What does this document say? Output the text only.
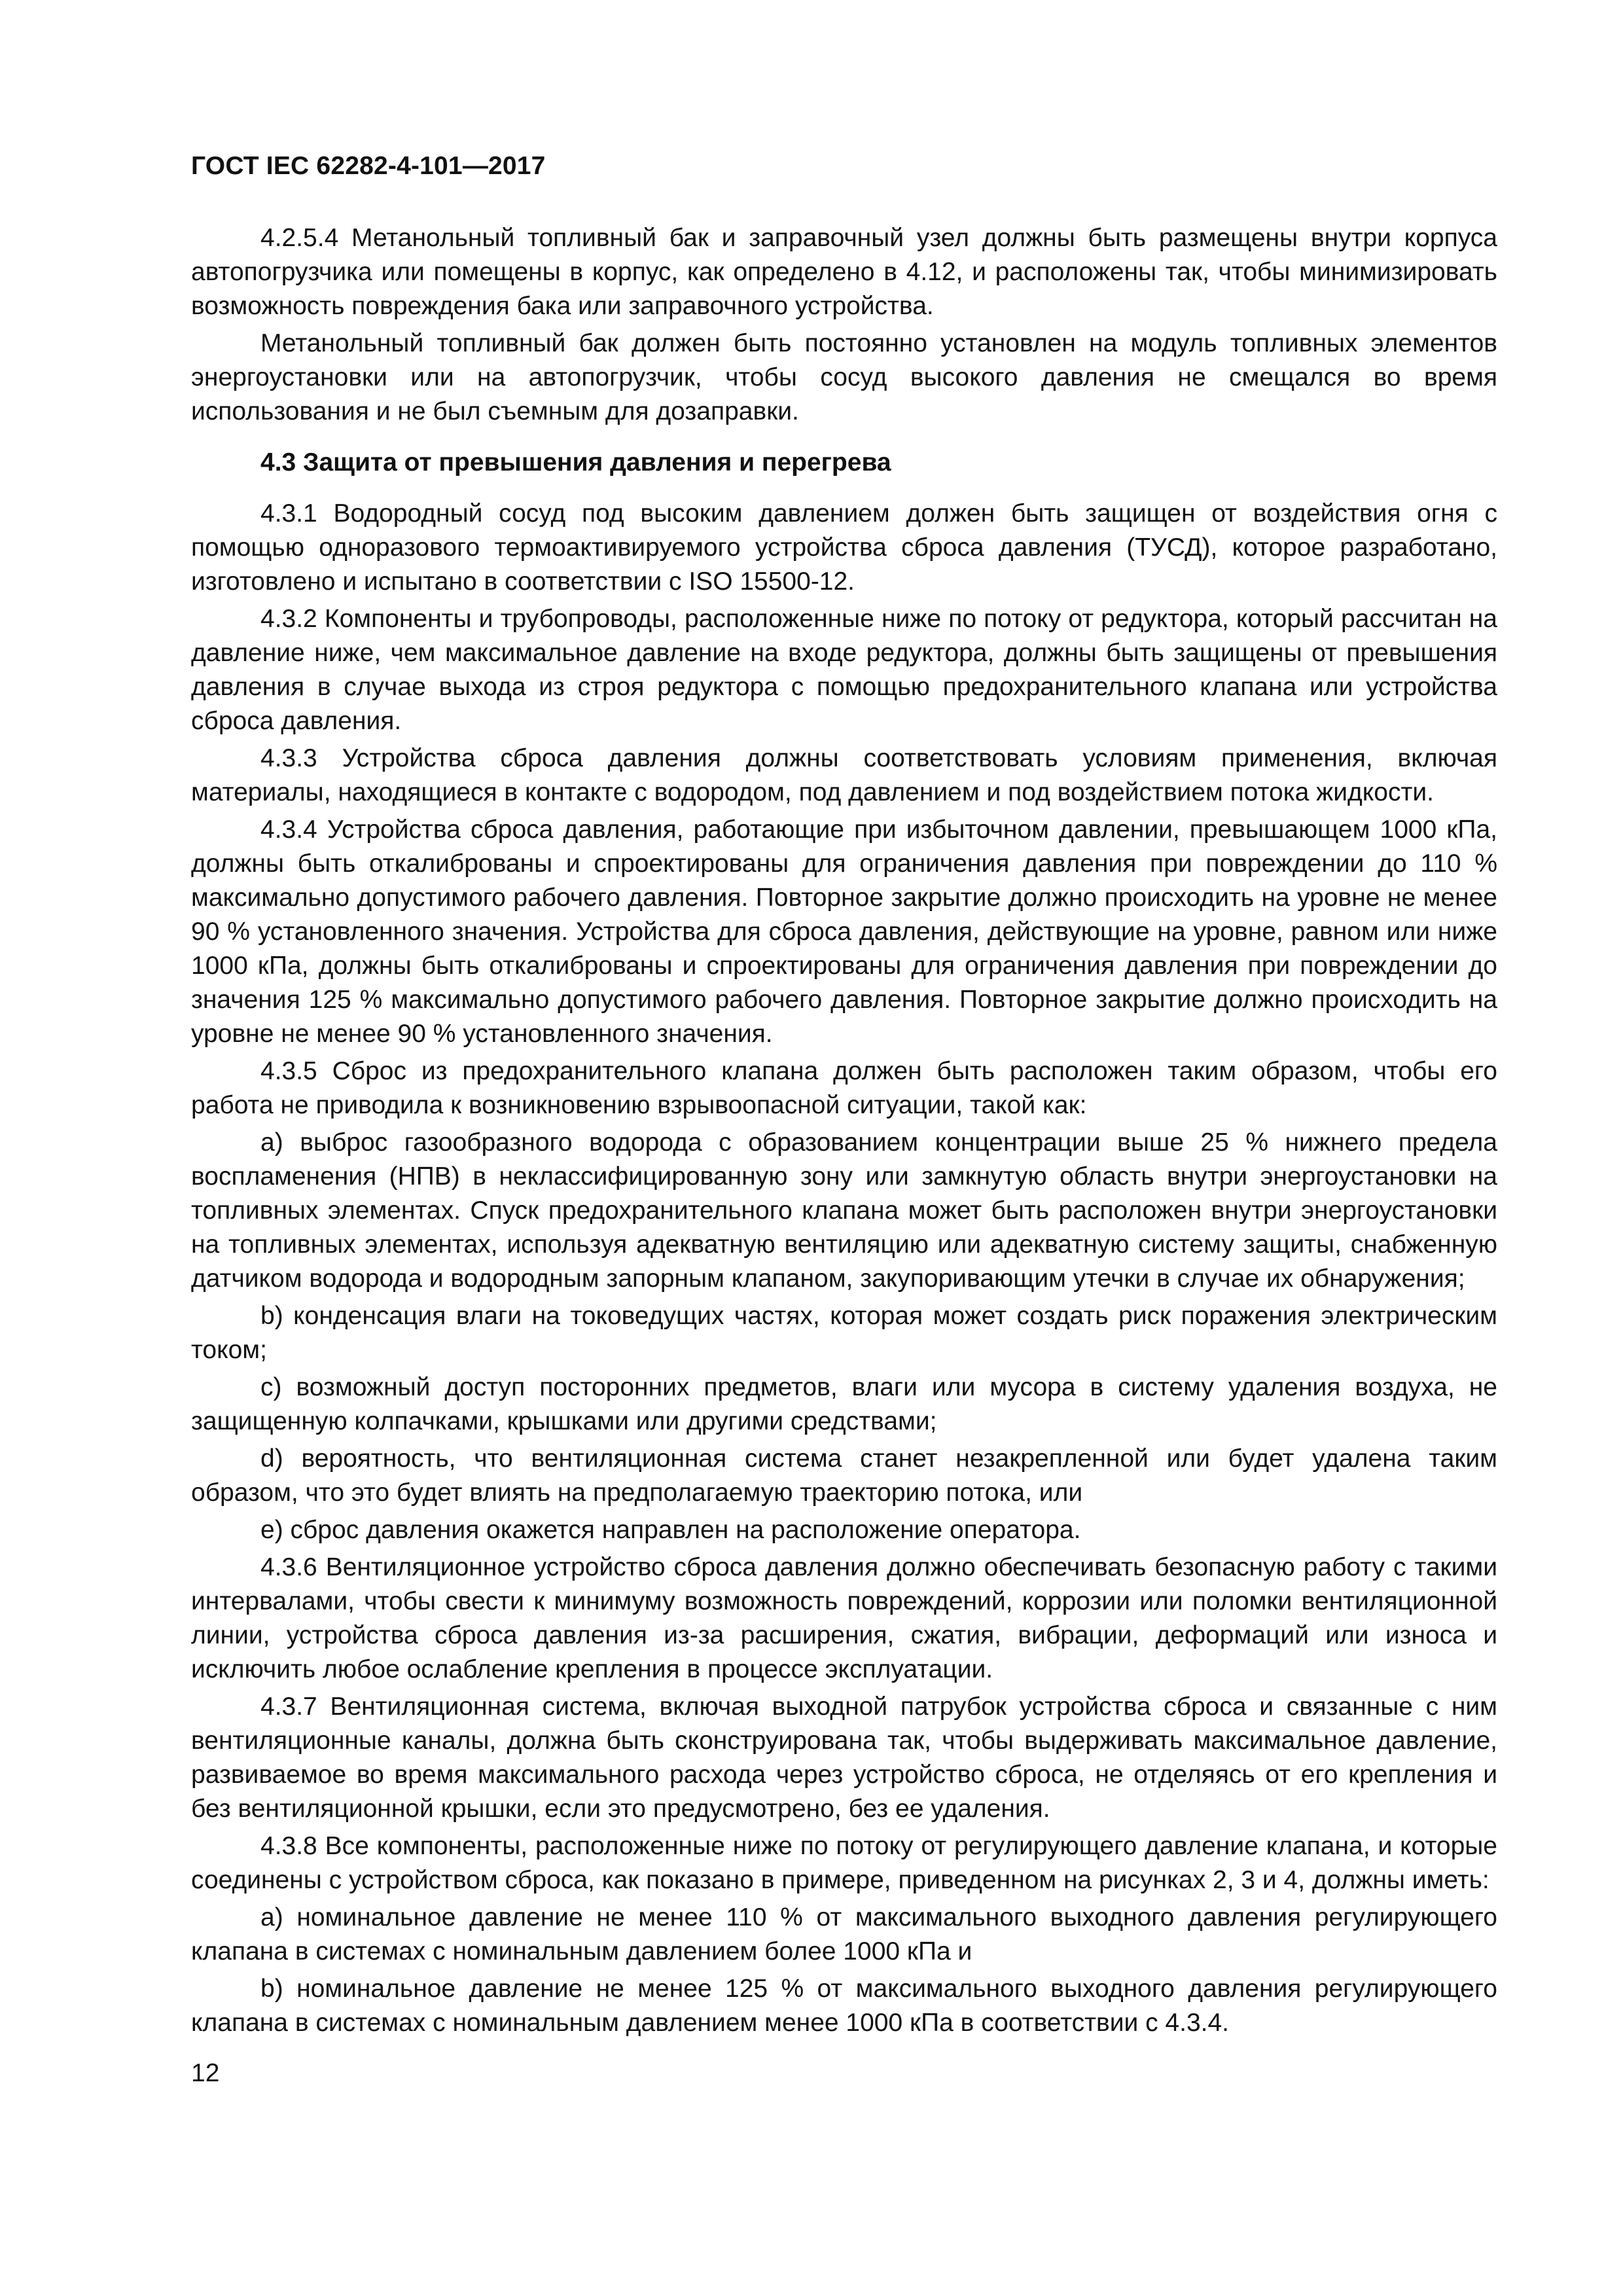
ГОСТ IEC 62282-4-101—2017

4.2.5.4 Метанольный топливный бак и заправочный узел должны быть размещены внутри корпуса автопогрузчика или помещены в корпус, как определено в 4.12, и расположены так, чтобы минимизировать возможность повреждения бака или заправочного устройства.

Метанольный топливный бак должен быть постоянно установлен на модуль топливных элементов энергоустановки или на автопогрузчик, чтобы сосуд высокого давления не смещался во время использования и не был съемным для дозаправки.

4.3 Защита от превышения давления и перегрева

4.3.1 Водородный сосуд под высоким давлением должен быть защищен от воздействия огня с помощью одноразового термоактивируемого устройства сброса давления (ТУСД), которое разработано, изготовлено и испытано в соответствии с ISO 15500-12.

4.3.2 Компоненты и трубопроводы, расположенные ниже по потоку от редуктора, который рассчитан на давление ниже, чем максимальное давление на входе редуктора, должны быть защищены от превышения давления в случае выхода из строя редуктора с помощью предохранительного клапана или устройства сброса давления.

4.3.3 Устройства сброса давления должны соответствовать условиям применения, включая материалы, находящиеся в контакте с водородом, под давлением и под воздействием потока жидкости.

4.3.4 Устройства сброса давления, работающие при избыточном давлении, превышающем 1000 кПа, должны быть откалиброваны и спроектированы для ограничения давления при повреждении до 110 % максимально допустимого рабочего давления. Повторное закрытие должно происходить на уровне не менее 90 % установленного значения. Устройства для сброса давления, действующие на уровне, равном или ниже 1000 кПа, должны быть откалиброваны и спроектированы для ограничения давления при повреждении до значения 125 % максимально допустимого рабочего давления. Повторное закрытие должно происходить на уровне не менее 90 % установленного значения.

4.3.5 Сброс из предохранительного клапана должен быть расположен таким образом, чтобы его работа не приводила к возникновению взрывоопасной ситуации, такой как:

a) выброс газообразного водорода с образованием концентрации выше 25 % нижнего предела воспламенения (НПВ) в неклассифицированную зону или замкнутую область внутри энергоустановки на топливных элементах. Спуск предохранительного клапана может быть расположен внутри энергоустановки на топливных элементах, используя адекватную вентиляцию или адекватную систему защиты, снабженную датчиком водорода и водородным запорным клапаном, закупоривающим утечки в случае их обнаружения;

b) конденсация влаги на токоведущих частях, которая может создать риск поражения электрическим током;

c) возможный доступ посторонних предметов, влаги или мусора в систему удаления воздуха, не защищенную колпачками, крышками или другими средствами;

d) вероятность, что вентиляционная система станет незакрепленной или будет удалена таким образом, что это будет влиять на предполагаемую траекторию потока, или

e) сброс давления окажется направлен на расположение оператора.

4.3.6 Вентиляционное устройство сброса давления должно обеспечивать безопасную работу с такими интервалами, чтобы свести к минимуму возможность повреждений, коррозии или поломки вентиляционной линии, устройства сброса давления из-за расширения, сжатия, вибрации, деформаций или износа и исключить любое ослабление крепления в процессе эксплуатации.

4.3.7 Вентиляционная система, включая выходной патрубок устройства сброса и связанные с ним вентиляционные каналы, должна быть сконструирована так, чтобы выдерживать максимальное давление, развиваемое во время максимального расхода через устройство сброса, не отделяясь от его крепления и без вентиляционной крышки, если это предусмотрено, без ее удаления.

4.3.8 Все компоненты, расположенные ниже по потоку от регулирующего давление клапана, и которые соединены с устройством сброса, как показано в примере, приведенном на рисунках 2, 3 и 4, должны иметь:

a) номинальное давление не менее 110 % от максимального выходного давления регулирующего клапана в системах с номинальным давлением более 1000 кПа и

b) номинальное давление не менее 125 % от максимального выходного давления регулирующего клапана в системах с номинальным давлением менее 1000 кПа в соответствии с 4.3.4.

12
